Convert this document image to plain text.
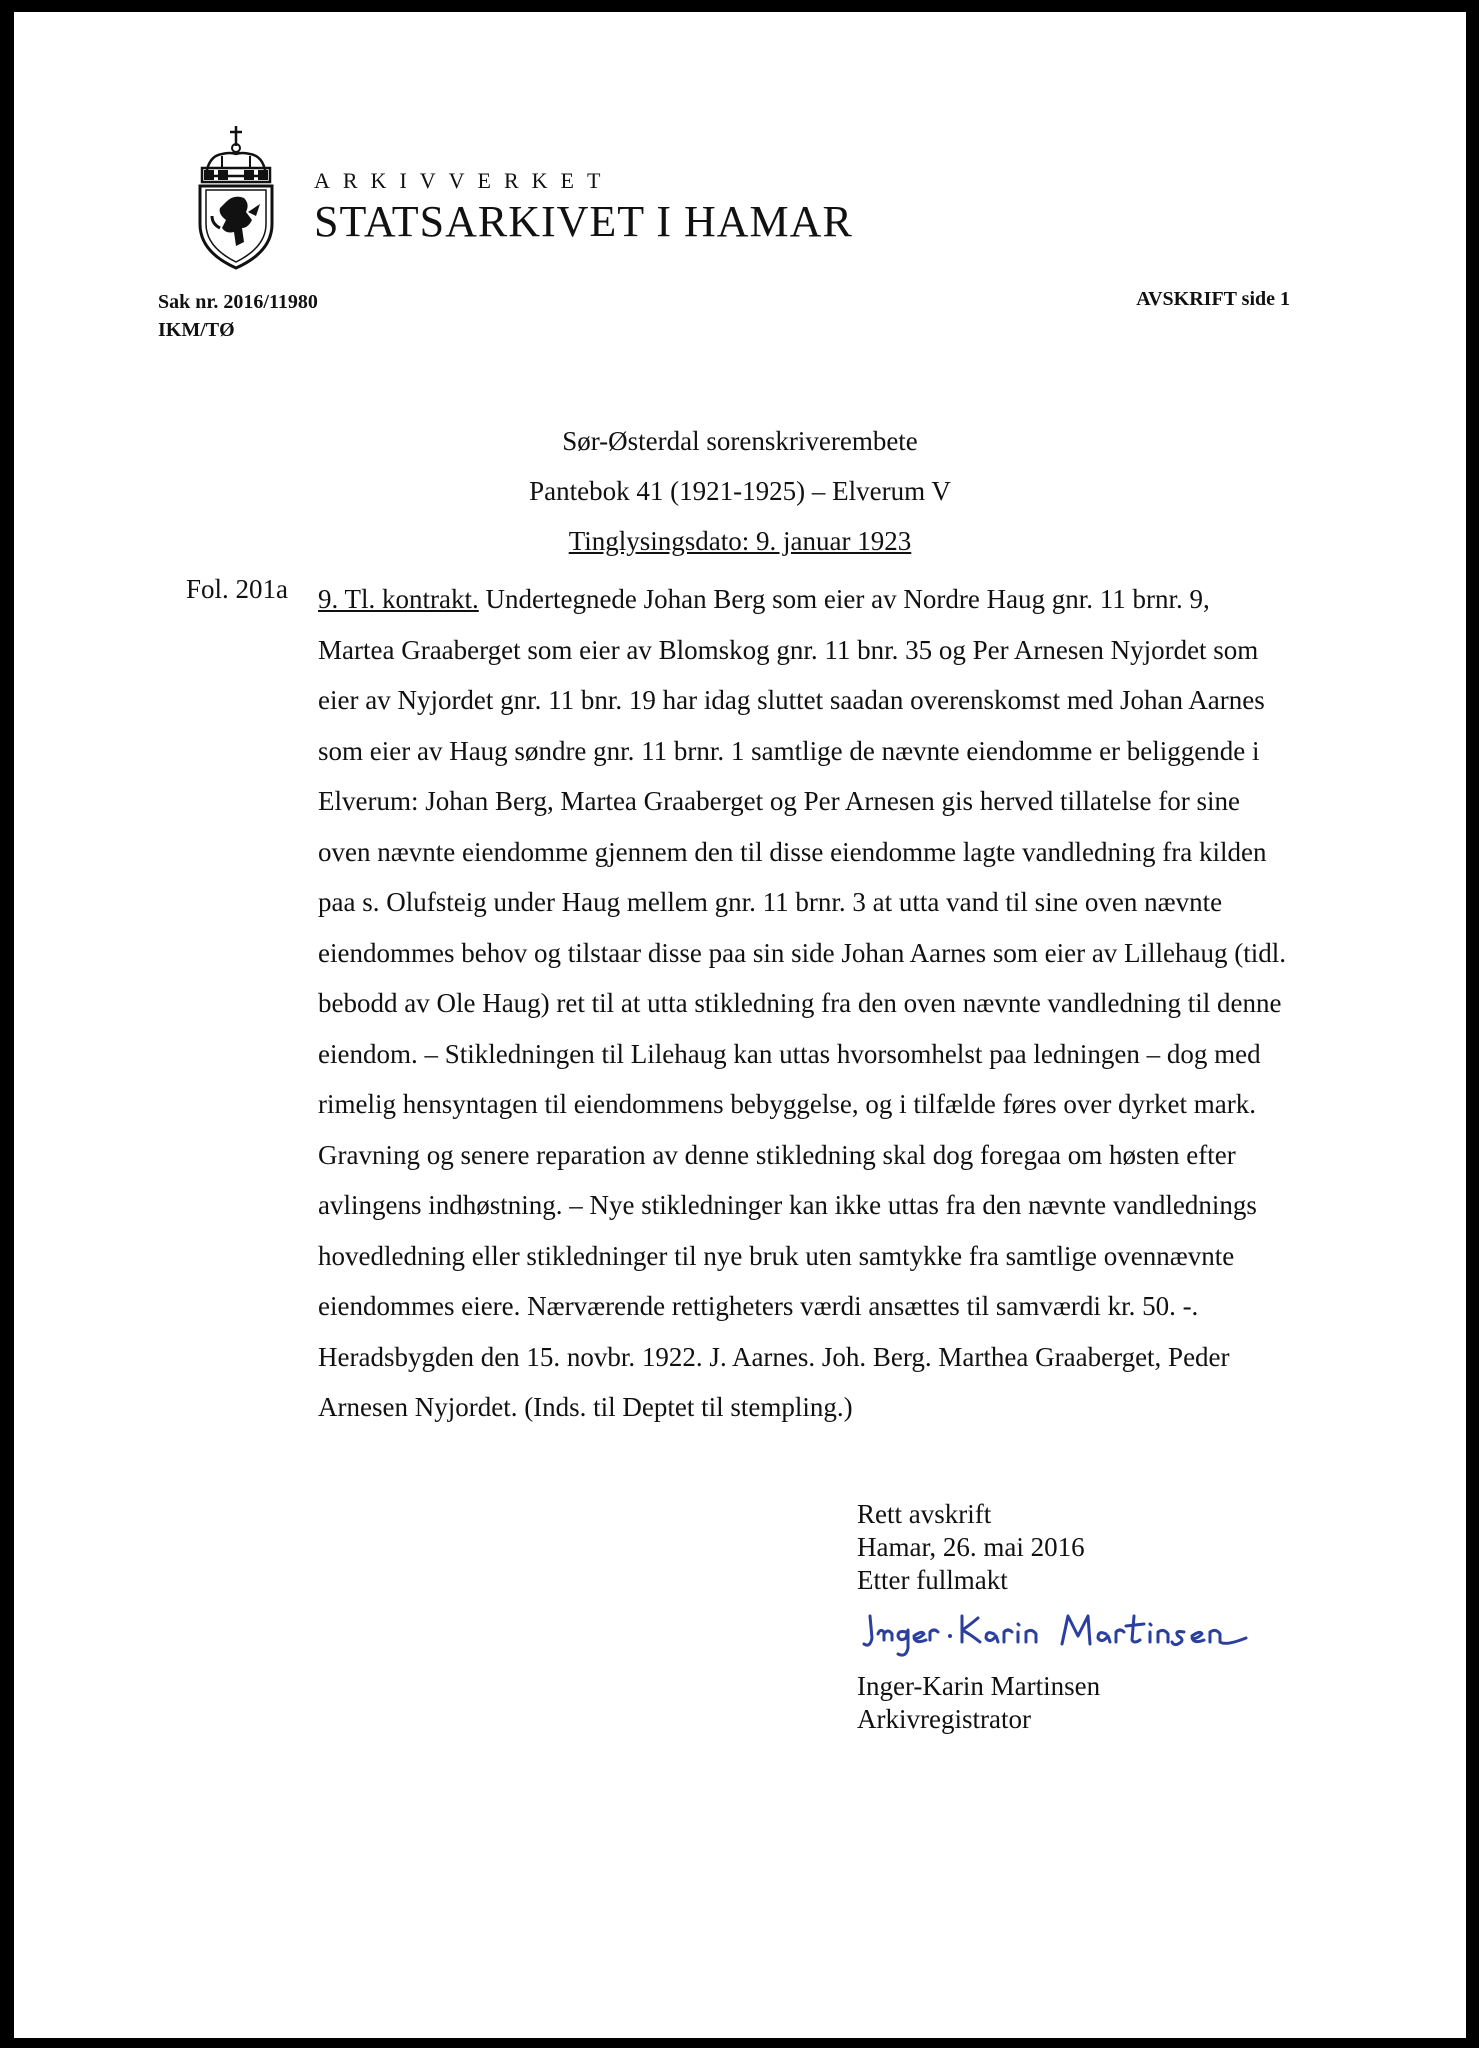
ARKIVVERKET
STATSARKIVET I HAMAR
Sak nr. 2016/11980
IKM/TØ
AVSKRIFT side 1
Sør-Østerdal sorenskriverembete
Pantebok 41 (1921-1925) – Elverum V
Tinglysingsdato: 9. januar 1923
Fol. 201a 9. Tl. kontrakt. Undertegnede Johan Berg som eier av Nordre Haug gnr. 11 brnr. 9,
Martea Graaberget som eier av Blomskog gnr. 11 bnr. 35 og Per Arnesen Nyjordet som
eier av Nyjordet gnr. 11 bnr. 19 har idag sluttet saadan overenskomst med Johan Aarnes
som eier av Haug søndre gnr. 11 brnr. 1 samtlige de nævnte eiendomme er beliggende i
Elverum: Johan Berg, Martea Graaberget og Per Arnesen gis herved tillatelse for sine
oven nævnte eiendomme gjennem den til disse eiendomme lagte vandledning fra kilden
paa s. Olufsteig under Haug mellem gnr. 11 brnr. 3 at utta vand til sine oven nævnte
eiendommes behov og tilstaar disse paa sin side Johan Aarnes som eier av Lillehaug (tidl.
bebodd av Ole Haug) ret til at utta stikledning fra den oven nævnte vandledning til denne
eiendom. – Stikledningen til Lilehaug kan uttas hvorsomhelst paa ledningen – dog med
rimelig hensyntagen til eiendommens bebyggelse, og i tilfælde føres over dyrket mark.
Gravning og senere reparation av denne stikledning skal dog foregaa om høsten efter
avlingens indhøstning. – Nye stikledninger kan ikke uttas fra den nævnte vandlednings
hovedledning eller stikledninger til nye bruk uten samtykke fra samtlige ovennævnte
eiendommes eiere. Nærværende rettigheters værdi ansættes til samværdi kr. 50. -.
Heradsbygden den 15. novbr. 1922. J. Aarnes. Joh. Berg. Marthea Graaberget, Peder
Arnesen Nyjordet. (Inds. til Deptet til stempling.)
Rett avskrift
Hamar, 26. mai 2016
Etter fullmakt
Inger-Karin Martinsen
Arkivregistrator
